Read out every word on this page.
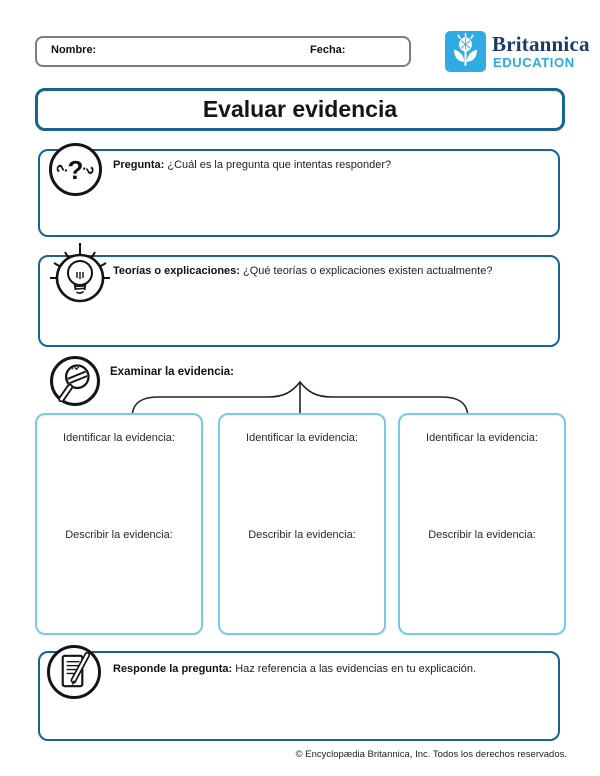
Nombre:	Fecha:	Britannica
EDUCATION
Evaluar evidencia
?
?
? Pregunta: ¿Cuál es la pregunta que intentas responder?
Teorías o explicaciones: ¿Qué teorías o explicaciones existen actualmente?
Examinar la evidencia:
Identificar la evidencia:
Describir la evidencia:
Identificar la evidencia:
Describir la evidencia:
Identificar la evidencia:
Describir la evidencia:
Responde la pregunta: Haz referencia a las evidencias en tu explicación.
© Encyclopædia Britannica, Inc. Todos los derechos reservados.
